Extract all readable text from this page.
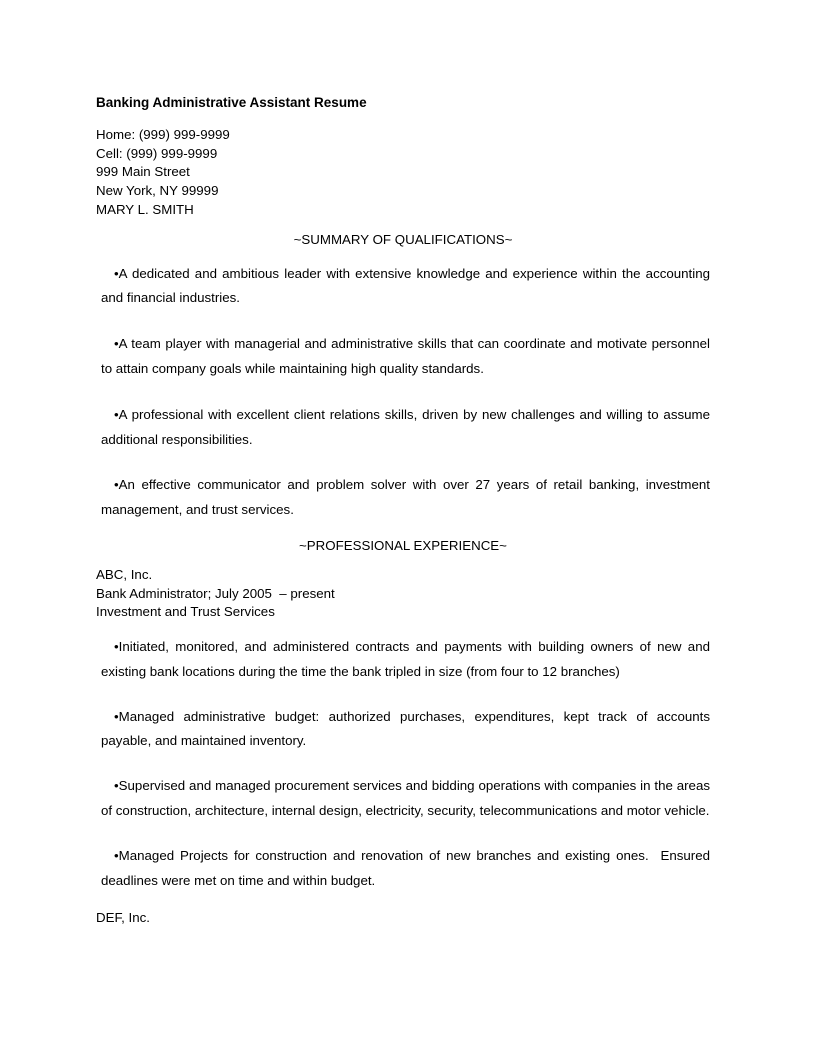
Banking Administrative Assistant Resume

Home: (999) 999-9999
Cell: (999) 999-9999
999 Main Street
New York, NY 99999
MARY L. SMITH

~SUMMARY OF QUALIFICATIONS~

•A dedicated and ambitious leader with extensive knowledge and experience within the accounting and financial industries.

•A team player with managerial and administrative skills that can coordinate and motivate personnel to attain company goals while maintaining high quality standards.

•A professional with excellent client relations skills, driven by new challenges and willing to assume additional responsibilities.

•An effective communicator and problem solver with over 27 years of retail banking, investment management, and trust services.

~PROFESSIONAL EXPERIENCE~

ABC, Inc.
Bank Administrator; July 2005  – present
Investment and Trust Services

•Initiated, monitored, and administered contracts and payments with building owners of new and existing bank locations during the time the bank tripled in size (from four to 12 branches)

•Managed administrative budget: authorized purchases, expenditures, kept track of accounts payable, and maintained inventory.

•Supervised and managed procurement services and bidding operations with companies in the areas of construction, architecture, internal design, electricity, security, telecommunications and motor vehicle.

•Managed Projects for construction and renovation of new branches and existing ones.  Ensured deadlines were met on time and within budget.

DEF, Inc.
